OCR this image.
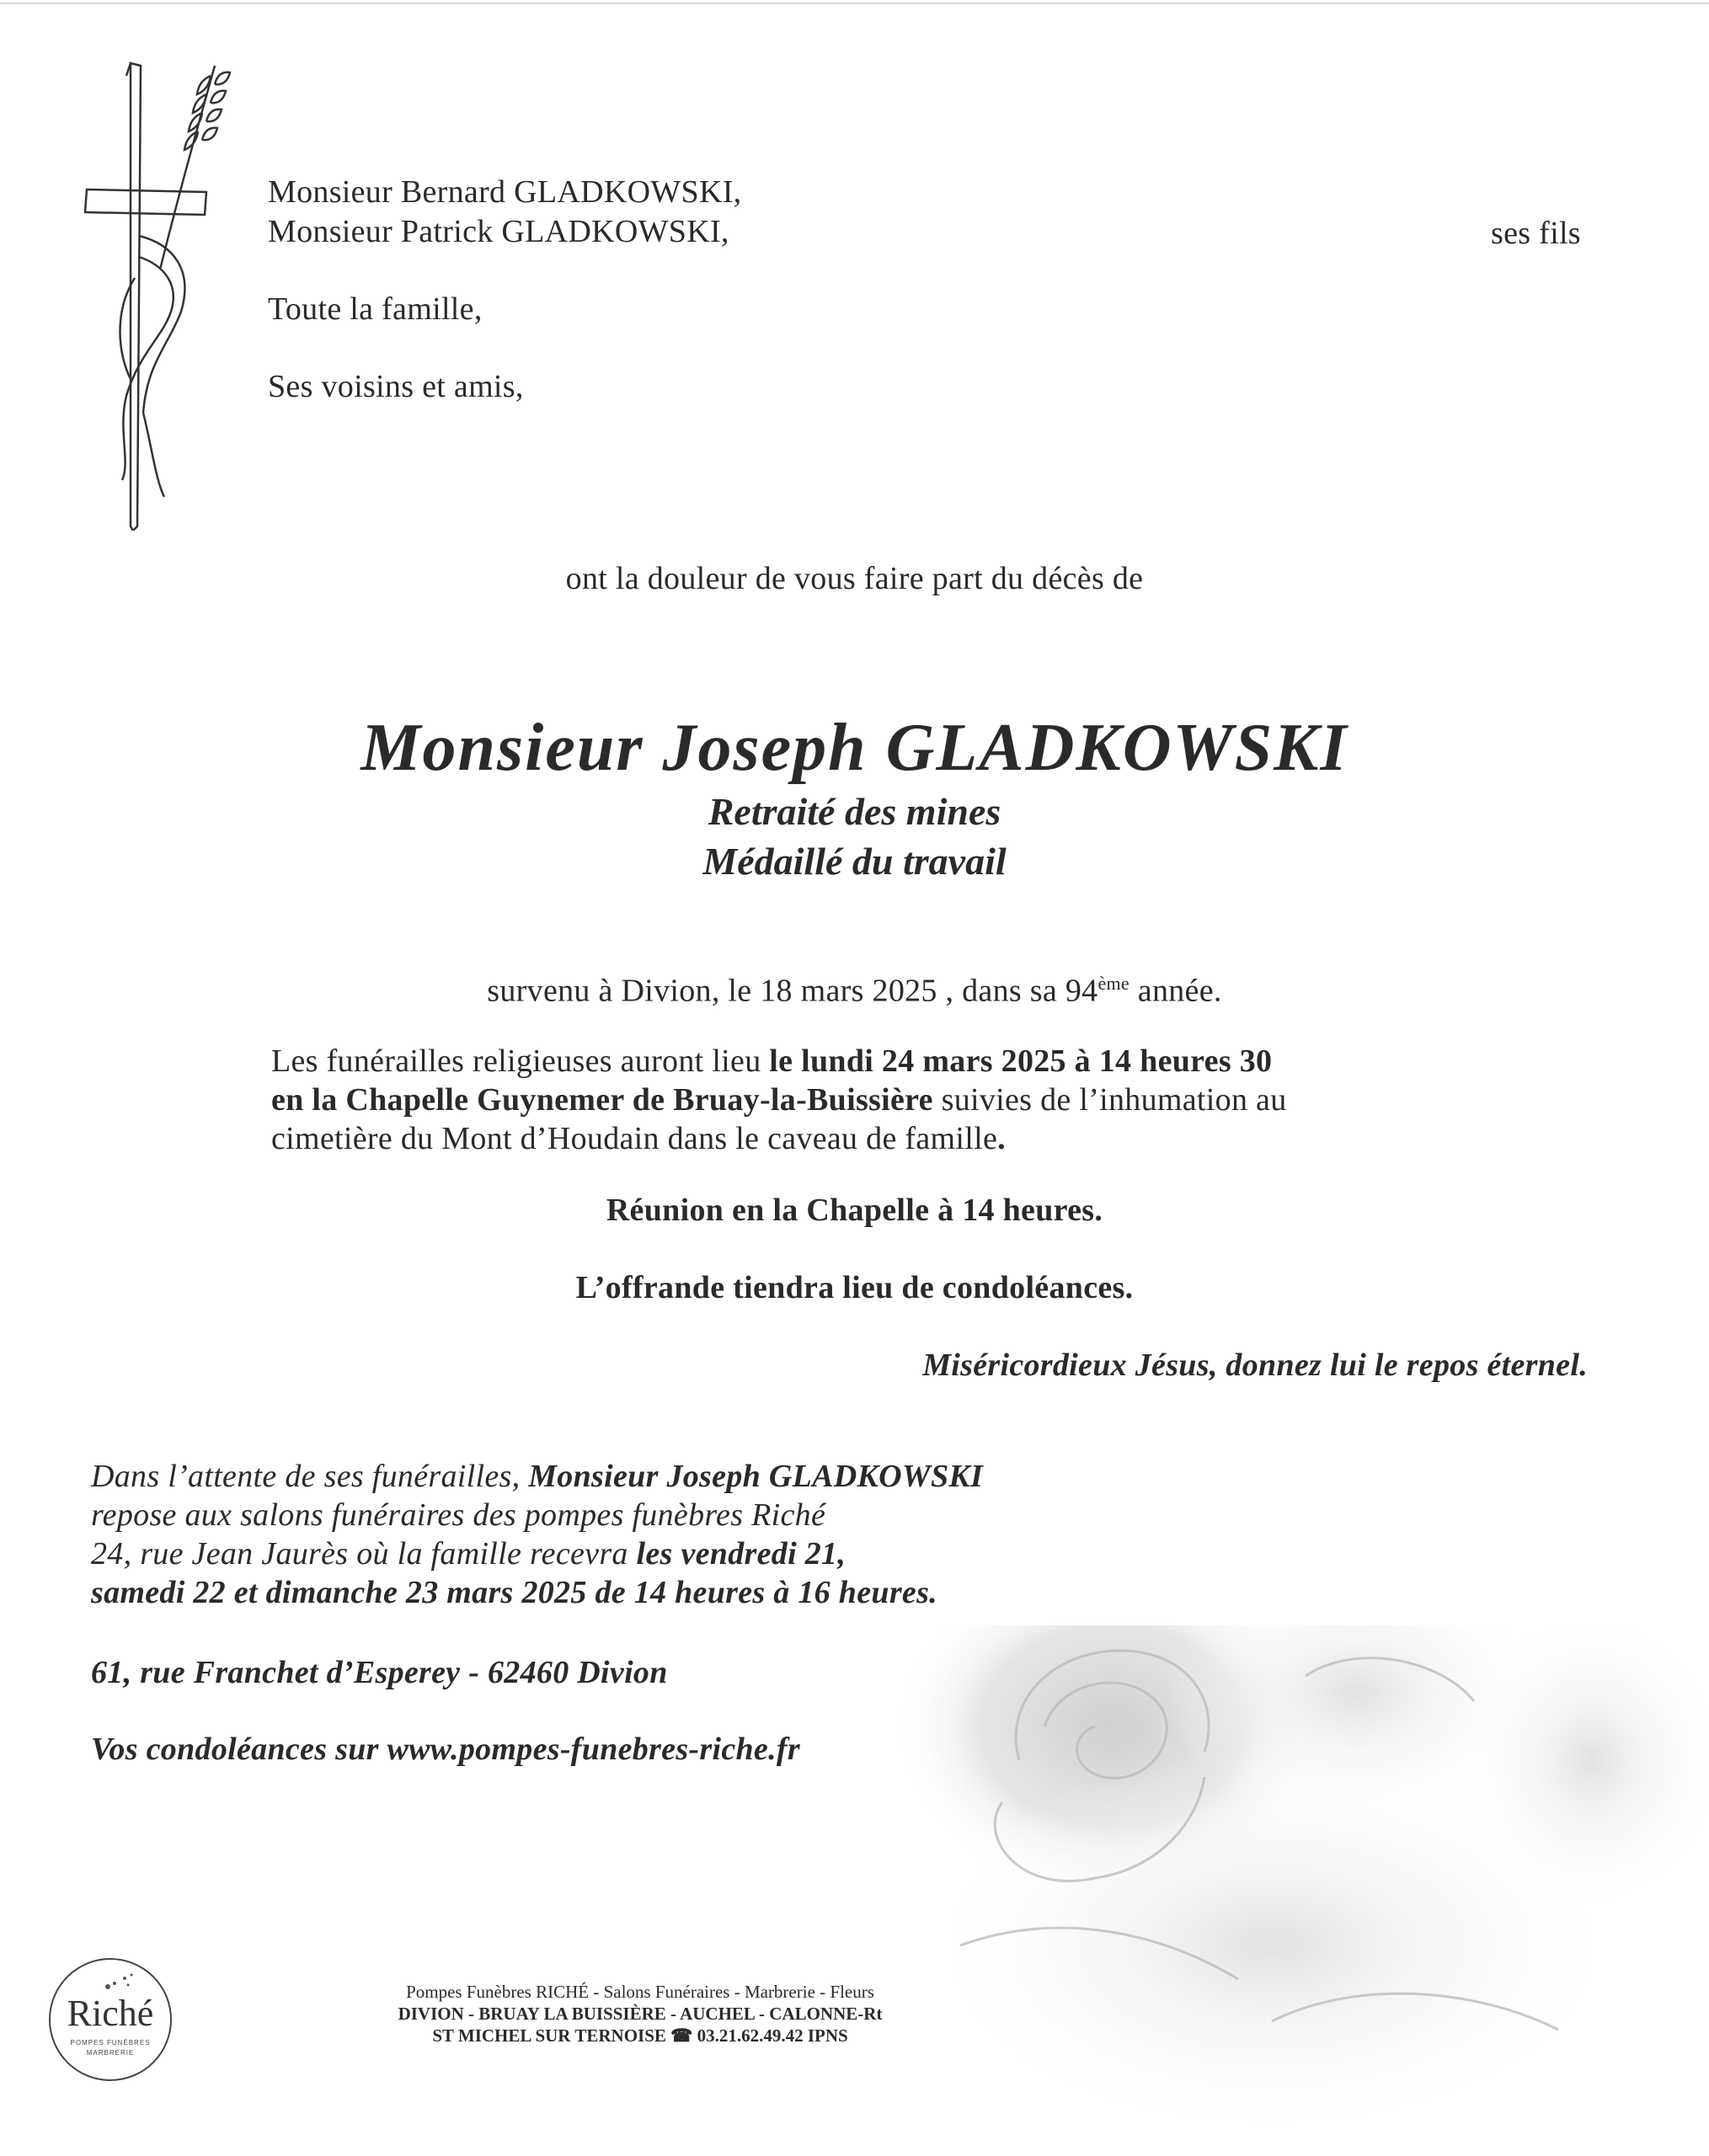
Monsieur Bernard GLADKOWSKI,
Monsieur Patrick GLADKOWSKI,	ses fils
Toute la famille,
Ses voisins et amis,
ont la douleur de vous faire part du décès de
Monsieur Joseph GLADKOWSKI
Retraité des mines
Médaillé du travail
survenu à Divion, le 18 mars 2025 , dans sa 94ème année.
Les funérailles religieuses auront lieu le lundi 24 mars 2025 à 14 heures 30
en la Chapelle Guynemer de Bruay-la-Buissière suivies de l’inhumation au
cimetière du Mont d’Houdain dans le caveau de famille.
Réunion en la Chapelle à 14 heures.
L’offrande tiendra lieu de condoléances.
Miséricordieux Jésus, donnez lui le repos éternel.
Dans l’attente de ses funérailles, Monsieur Joseph GLADKOWSKI
repose aux salons funéraires des pompes funèbres Riché
24, rue Jean Jaurès où la famille recevra les vendredi 21,
samedi 22 et dimanche 23 mars 2025 de 14 heures à 16 heures.
61, rue Franchet d’Esperey - 62460 Divion
Vos condoléances sur www.pompes-funebres-riche.fr
Riché
POMPES FUNÈBRES
MARBRERIE
Pompes Funèbres RICHÉ - Salons Funéraires - Marbrerie - Fleurs
DIVION - BRUAY LA BUISSIÈRE - AUCHEL - CALONNE-Rt
ST MICHEL SUR TERNOISE ☎ 03.21.62.49.42 IPNS
